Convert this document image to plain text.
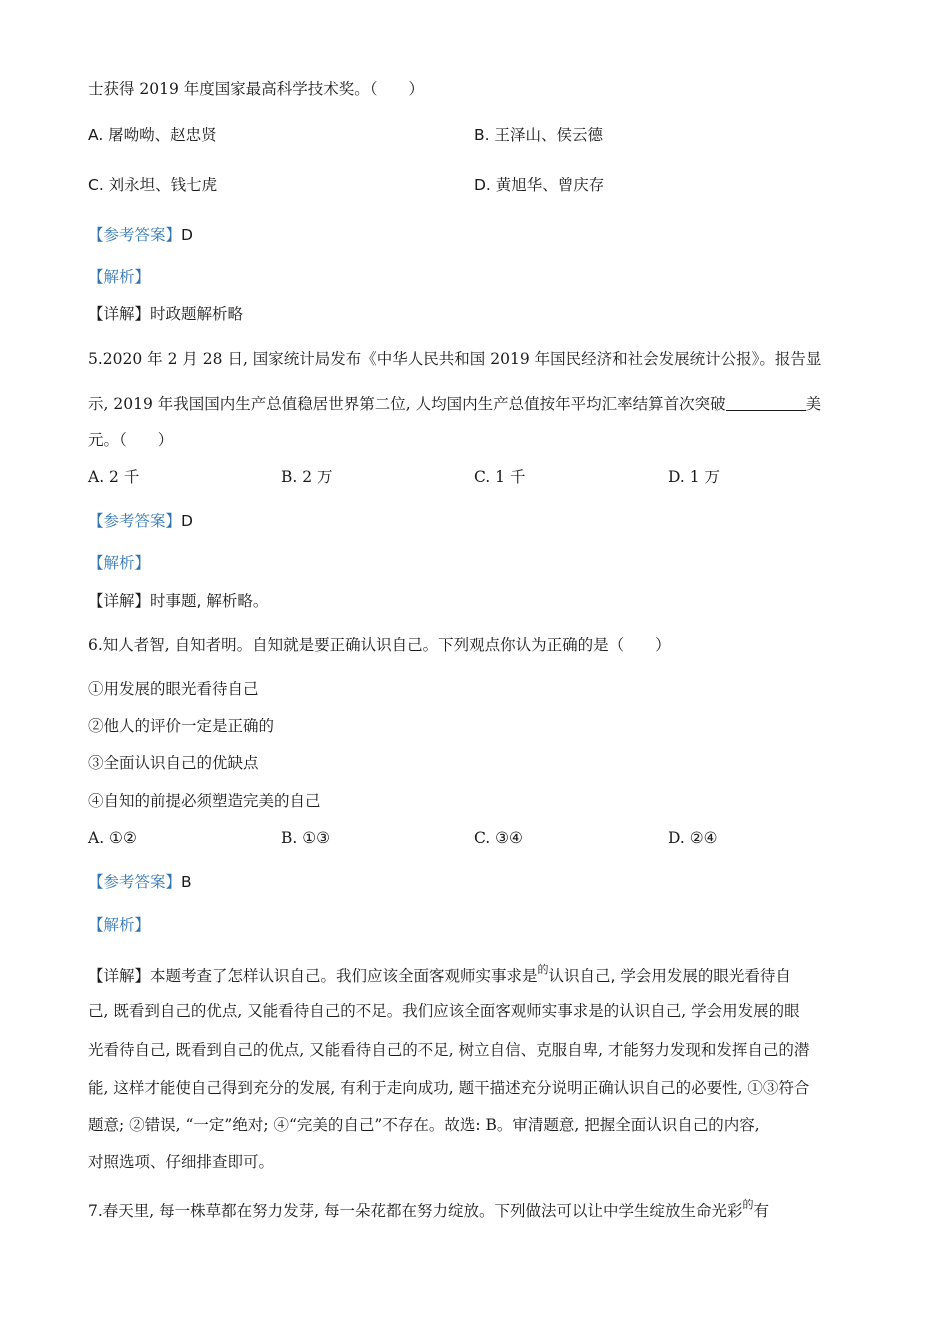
士获得 2019 年度国家最高科学技术奖。（　　）
A. 屠呦呦、赵忠贤	B. 王泽山、侯云德
C. 刘永坦、钱七虎	D. 黄旭华、曾庆存
【参考答案】D
【解析】
【详解】时政题解析略
5.2020 年 2 月 28 日, 国家统计局发布《中华人民共和国 2019 年国民经济和社会发展统计公报》。报告显
示, 2019 年我国国内生产总值稳居世界第二位, 人均国内生产总值按年平均汇率结算首次突破	美
元。（　　）
A. 2 千	B. 2 万	C. 1 千	D. 1 万
【参考答案】D
【解析】
【详解】时事题, 解析略。
6.知人者智, 自知者明。自知就是要正确认识自己。下列观点你认为正确的是（　　）
①用发展的眼光看待自己
②他人的评价一定是正确的
③全面认识自己的优缺点
④自知的前提必须塑造完美的自己
A. ①②	B. ①③	C. ③④	D. ②④
【参考答案】B
【解析】
【详解】本题考查了怎样认识自己。我们应该全面客观师实事求是$^的$认识自己, 学会用发展的眼光看待自
己, 既看到自己的优点, 又能看待自己的不足。我们应该全面客观师实事求是的认识自己, 学会用发展的眼
光看待自己, 既看到自己的优点, 又能看待自己的不足, 树立自信、克服自卑, 才能努力发现和发挥自己的潜
能, 这样才能使自己得到充分的发展, 有利于走向成功, 题干描述充分说明正确认识自己的必要性, ①③符合
题意; ②错误, “一定”绝对; ④“完美的自己”不存在。故选: B。审清题意, 把握全面认识自己的内容,
对照选项、仔细排查即可。
7.春天里, 每一株草都在努力发芽, 每一朵花都在努力绽放。下列做法可以让中学生绽放生命光彩$^的$有
